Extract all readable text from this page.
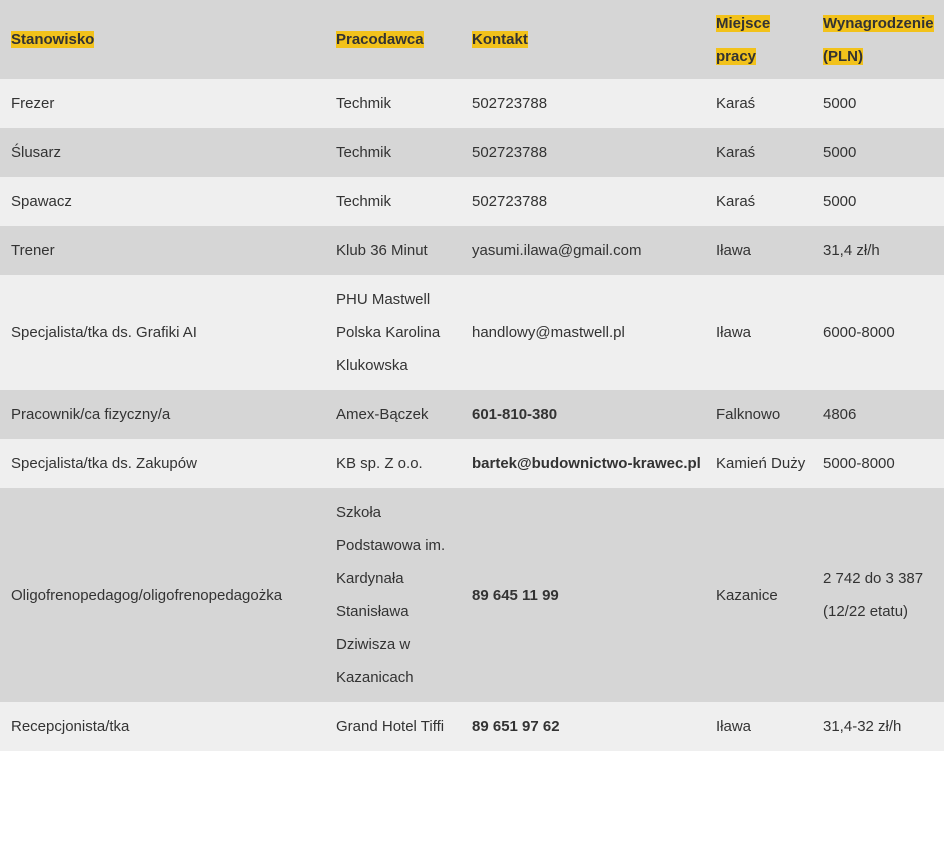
Stanowisko	Pracodawca	Kontakt	Miejsce pracy	Wynagrodzenie (PLN)
Frezer	Techmik	502723788	Karaś	5000
Ślusarz	Techmik	502723788	Karaś	5000
Spawacz	Techmik	502723788	Karaś	5000
Trener	Klub 36 Minut	yasumi.ilawa@gmail.com	Iława	31,4 zł/h
Specjalista/tka ds. Grafiki AI	PHU Mastwell Polska Karolina Klukowska	handlowy@mastwell.pl	Iława	6000-8000
Pracownik/ca fizyczny/a	Amex-Bączek	601-810-380	Falknowo	4806
Specjalista/tka ds. Zakupów	KB sp. Z o.o.	bartek@budownictwo-krawec.pl	Kamień Duży	5000-8000
Oligofrenopedagog/oligofrenopedagożka	Szkoła Podstawowa im. Kardynała Stanisława Dziwisza w Kazanicach	89 645 11 99	Kazanice	2 742 do 3 387 (12/22 etatu)
Recepcjonista/tka	Grand Hotel Tiffi	89 651 97 62	Iława	31,4-32 zł/h
